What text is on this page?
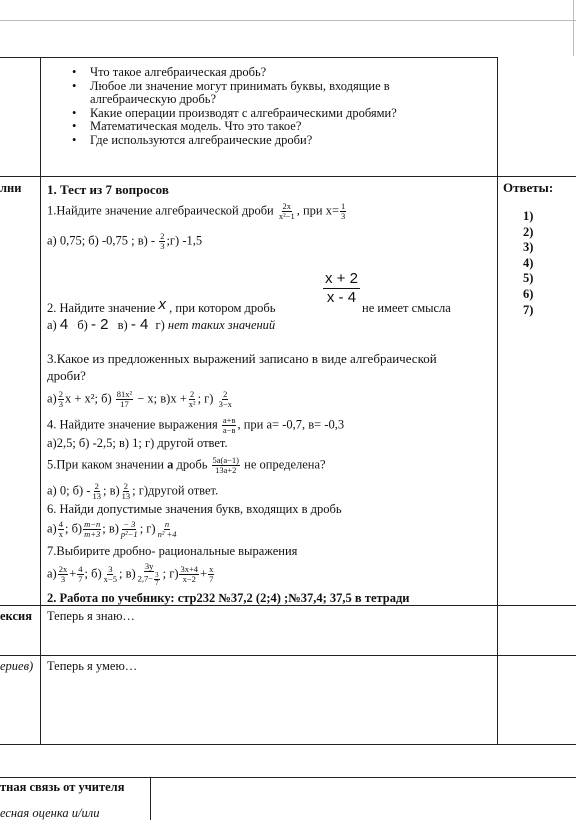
• Что такое алгебраическая дробь?
• Любое ли значение могут принимать буквы, входящие в алгебраическую дробь?
• Какие операции производят с алгебраическими дробями?
• Математическая модель. Что это такое?
• Где используются алгебраические дроби?
лни
ексия
ериев)
тная связь от учителя
есная оценка и/или
1. Тест из 7 вопросов
1.Найдите значение алгебраической дроби $\frac{2x}{\text{x²−1}}$ , при $x= \frac{1}{3}$
а) 0,75; б) -0,75 ; $в) - \frac{2}{3}$ ;г) -1,5
x + 2
x - 4
2. Найдите значение x , при котором дробь	не имеет смысла
а) 4 б) - 2 в) - 4 г) нет таких значений
3.Какое из предложенных выражений записано в виде алгебраической
дроби?
$а) \frac{2}{3}$ x + x²; $б) \frac{\text{81x²}}{17} - x$; $в)x + \frac{2}{\text{x²}}$ ; $г) \frac{2}{3-x}$
4. Найдите значение выражения $\frac{а+в}{а-в}$ , при а= -0,7, в= -0,3
а)2,5; б) -2,5; в) 1; г) другой ответ.
5.При каком значении а дробь $\frac{5a(a-1)}{13a+2}$ не определена?
а) 0; $б) - \frac{2}{13}$ ; $в) \frac{2}{13}$ ; г)другой ответ.
6. Найди допустимые значения букв, входящих в дробь
$а) \frac{4}{x}$ ; $б) \frac{m-n}{m+3}$ ; $в) \frac{- 3}{\text{p²−1}}$ ; $г) \frac{n}{\text{n² +4}}$
7.Выбирите дробно- рациональные выражения
$а) \frac{2x}{3} + \frac{4}{7}$ ; $б) \frac{3}{x-5}$ ; $в) \frac{3y}{2,7- \frac{3}{7}}$ ; $г) \frac{3x+4}{x-2} + \frac{x}{7}$
2. Работа по учебнику: стр232 №37,2 (2;4) ;№37,4; 37,5 в тетради
Ответы:
1)
2)
3)
4)
5)
6)
7)
Теперь я знаю…
Теперь я умею…
